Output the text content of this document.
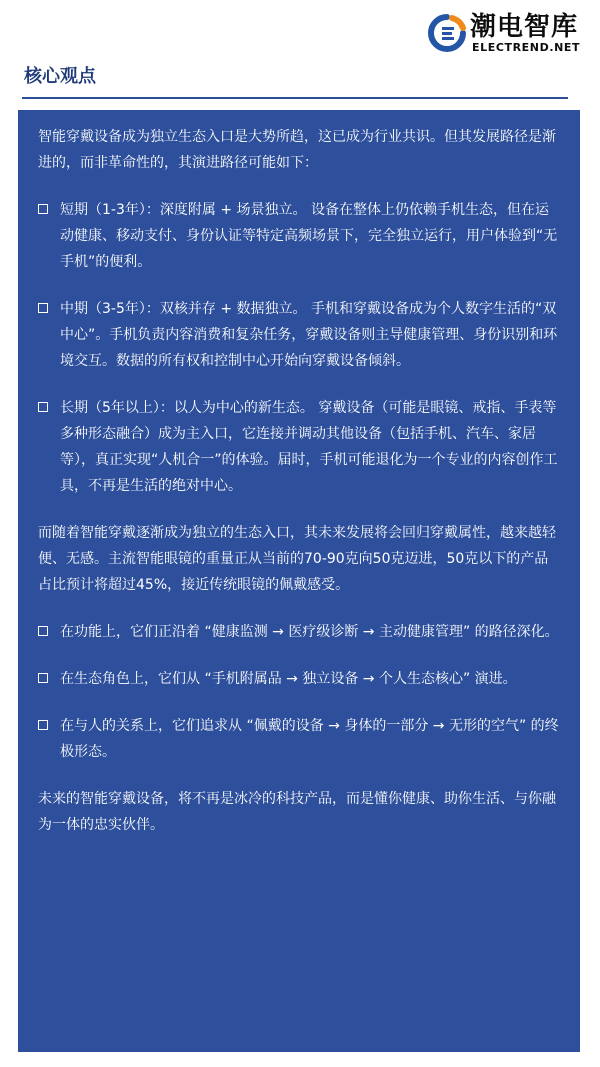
潮电智库
ELECTREND.NET
核心观点

智能穿戴设备成为独立生态入口是大势所趋，这已成为行业共识。但其发展路径是渐进的，而非革命性的，其演进路径可能如下：

短期（1-3年）：深度附属 + 场景独立。 设备在整体上仍依赖手机生态，但在运动健康、移动支付、身份认证等特定高频场景下，完全独立运行，用户体验到“无手机”的便利。
中期（3-5年）：双核并存 + 数据独立。 手机和穿戴设备成为个人数字生活的“双中心”。手机负责内容消费和复杂任务，穿戴设备则主导健康管理、身份识别和环境交互。数据的所有权和控制中心开始向穿戴设备倾斜。
长期（5年以上）：以人为中心的新生态。 穿戴设备（可能是眼镜、戒指、手表等多种形态融合）成为主入口，它连接并调动其他设备（包括手机、汽车、家居等），真正实现“人机合一”的体验。届时，手机可能退化为一个专业的内容创作工具，不再是生活的绝对中心。

而随着智能穿戴逐渐成为独立的生态入口，其未来发展将会回归穿戴属性，越来越轻便、无感。主流智能眼镜的重量正从当前的70-90克向50克迈进，50克以下的产品占比预计将超过45%，接近传统眼镜的佩戴感受。

在功能上，它们正沿着 “健康监测 → 医疗级诊断 → 主动健康管理” 的路径深化。
在生态角色上，它们从 “手机附属品 → 独立设备 → 个人生态核心” 演进。
在与人的关系上，它们追求从 “佩戴的设备 → 身体的一部分 → 无形的空气” 的终极形态。

未来的智能穿戴设备，将不再是冰冷的科技产品，而是懂你健康、助你生活、与你融为一体的忠实伙伴。
